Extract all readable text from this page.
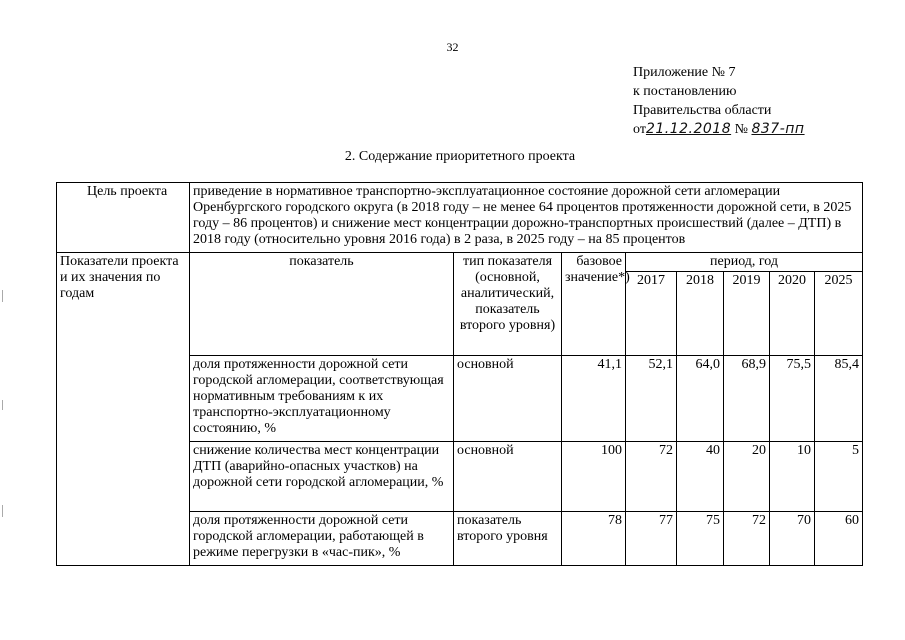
32
Приложение № 7
к постановлению
Правительства области
от21.12.2018 № 837-пп
2. Содержание приоритетного проекта
Цель проекта	приведение в нормативное транспортно-эксплуатационное состояние дорожной сети агломерации Оренбургского городского округа (в 2018 году – не менее 64 процентов протяженности дорожной сети, в 2025 году – 86 процентов) и снижение мест концентрации дорожно-транспортных происшествий (далее – ДТП) в 2018 году (относительно уровня 2016 года) в 2 раза, в 2025 году – на 85 процентов							
Показатели проекта и их значения по годам	показатель	тип показателя (основной, аналитический, показатель второго уровня)	базовое значение*)	период, год				
				2017	2018	2019	2020	2025
	доля протяженности дорожной сети городской агломерации, соответствующая нормативным требованиям к их транспортно-эксплуатационному состоянию, %	основной	41,1	52,1	64,0	68,9	75,5	85,4
	снижение количества мест концентрации ДТП (аварийно-опасных участков) на дорожной сети городской агломерации, %	основной	100	72	40	20	10	5
	доля протяженности дорожной сети городской агломерации, работающей в режиме перегрузки в «час-пик», %	показатель второго уровня	78	77	75	72	70	60
